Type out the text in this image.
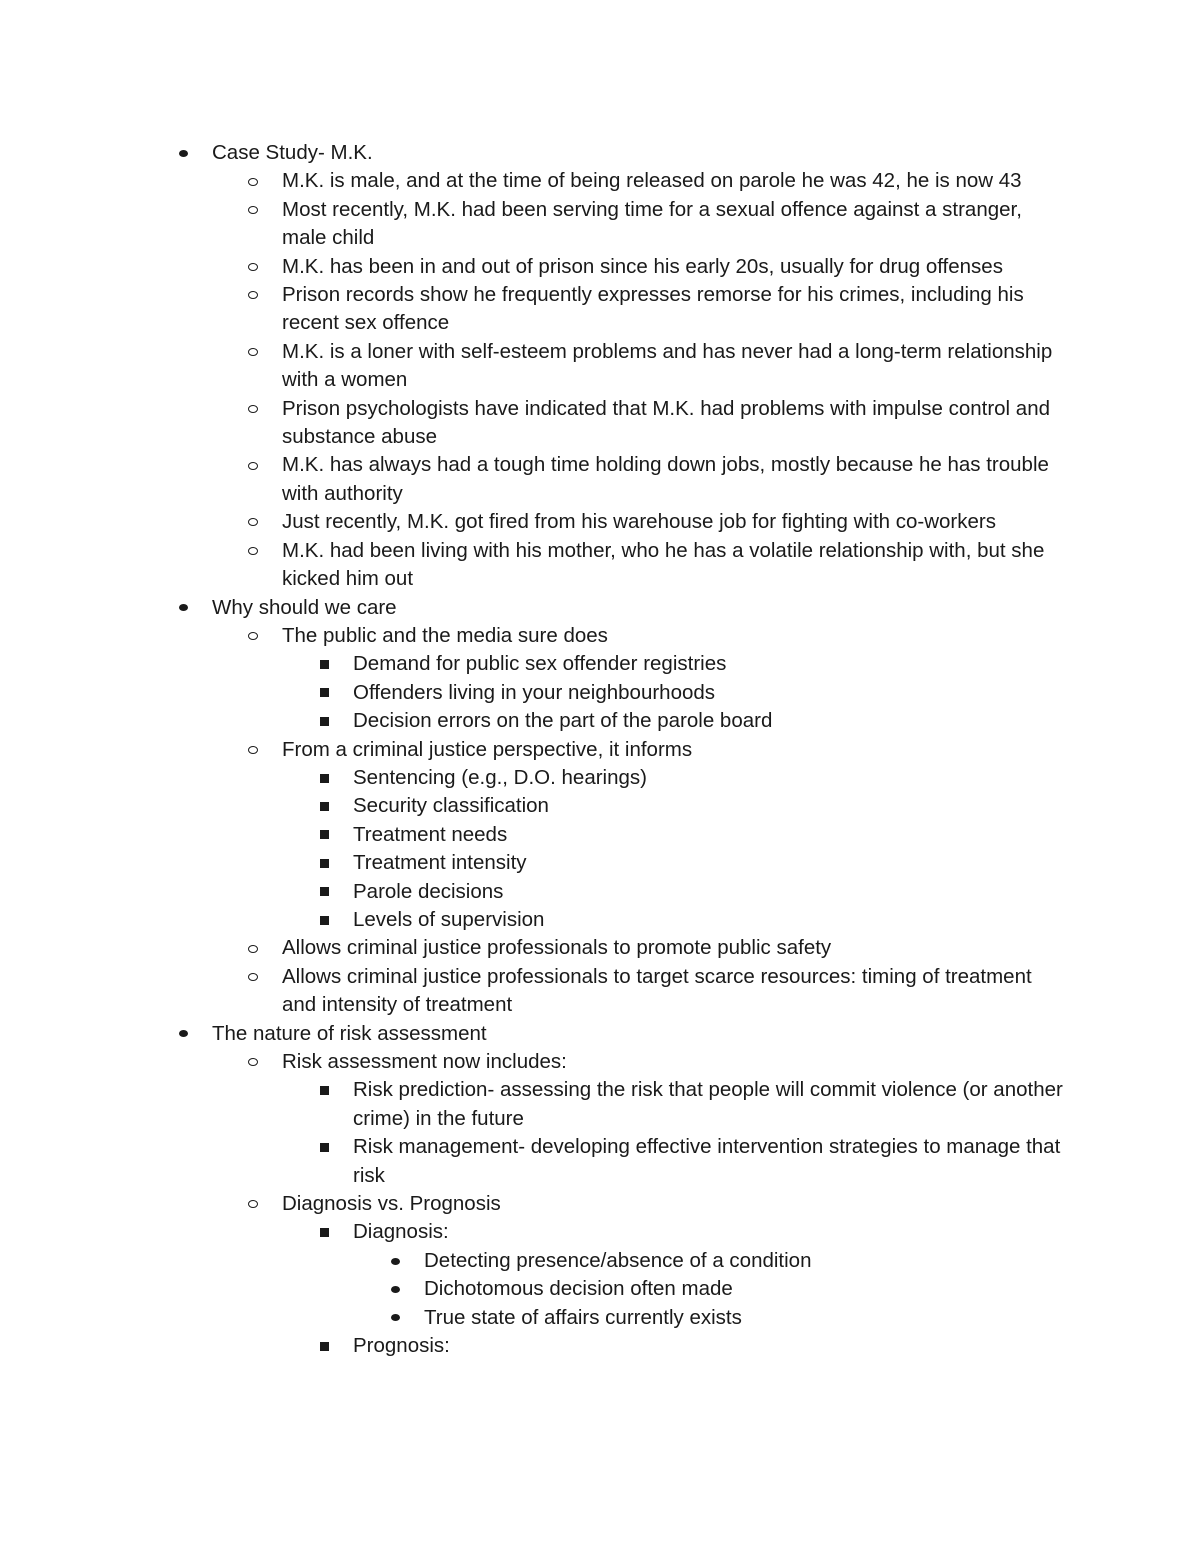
Case Study- M.K.
M.K. is male, and at the time of being released on parole he was 42, he is now 43
Most recently, M.K. had been serving time for a sexual offence against a stranger, male child
M.K. has been in and out of prison since his early 20s, usually for drug offenses
Prison records show he frequently expresses remorse for his crimes, including his recent sex offence
M.K. is a loner with self-esteem problems and has never had a long-term relationship with a women
Prison psychologists have indicated that M.K. had problems with impulse control and substance abuse
M.K. has always had a tough time holding down jobs, mostly because he has trouble with authority
Just recently, M.K. got fired from his warehouse job for fighting with co-workers
M.K. had been living with his mother, who he has a volatile relationship with, but she kicked him out
Why should we care
The public and the media sure does
Demand for public sex offender registries
Offenders living in your neighbourhoods
Decision errors on the part of the parole board
From a criminal justice perspective, it informs
Sentencing (e.g., D.O. hearings)
Security classification
Treatment needs
Treatment intensity
Parole decisions
Levels of supervision
Allows criminal justice professionals to promote public safety
Allows criminal justice professionals to target scarce resources: timing of treatment and intensity of treatment
The nature of risk assessment
Risk assessment now includes:
Risk prediction- assessing the risk that people will commit violence (or another crime) in the future
Risk management- developing effective intervention strategies to manage that risk
Diagnosis vs. Prognosis
Diagnosis:
Detecting presence/absence of a condition
Dichotomous decision often made
True state of affairs currently exists
Prognosis:
